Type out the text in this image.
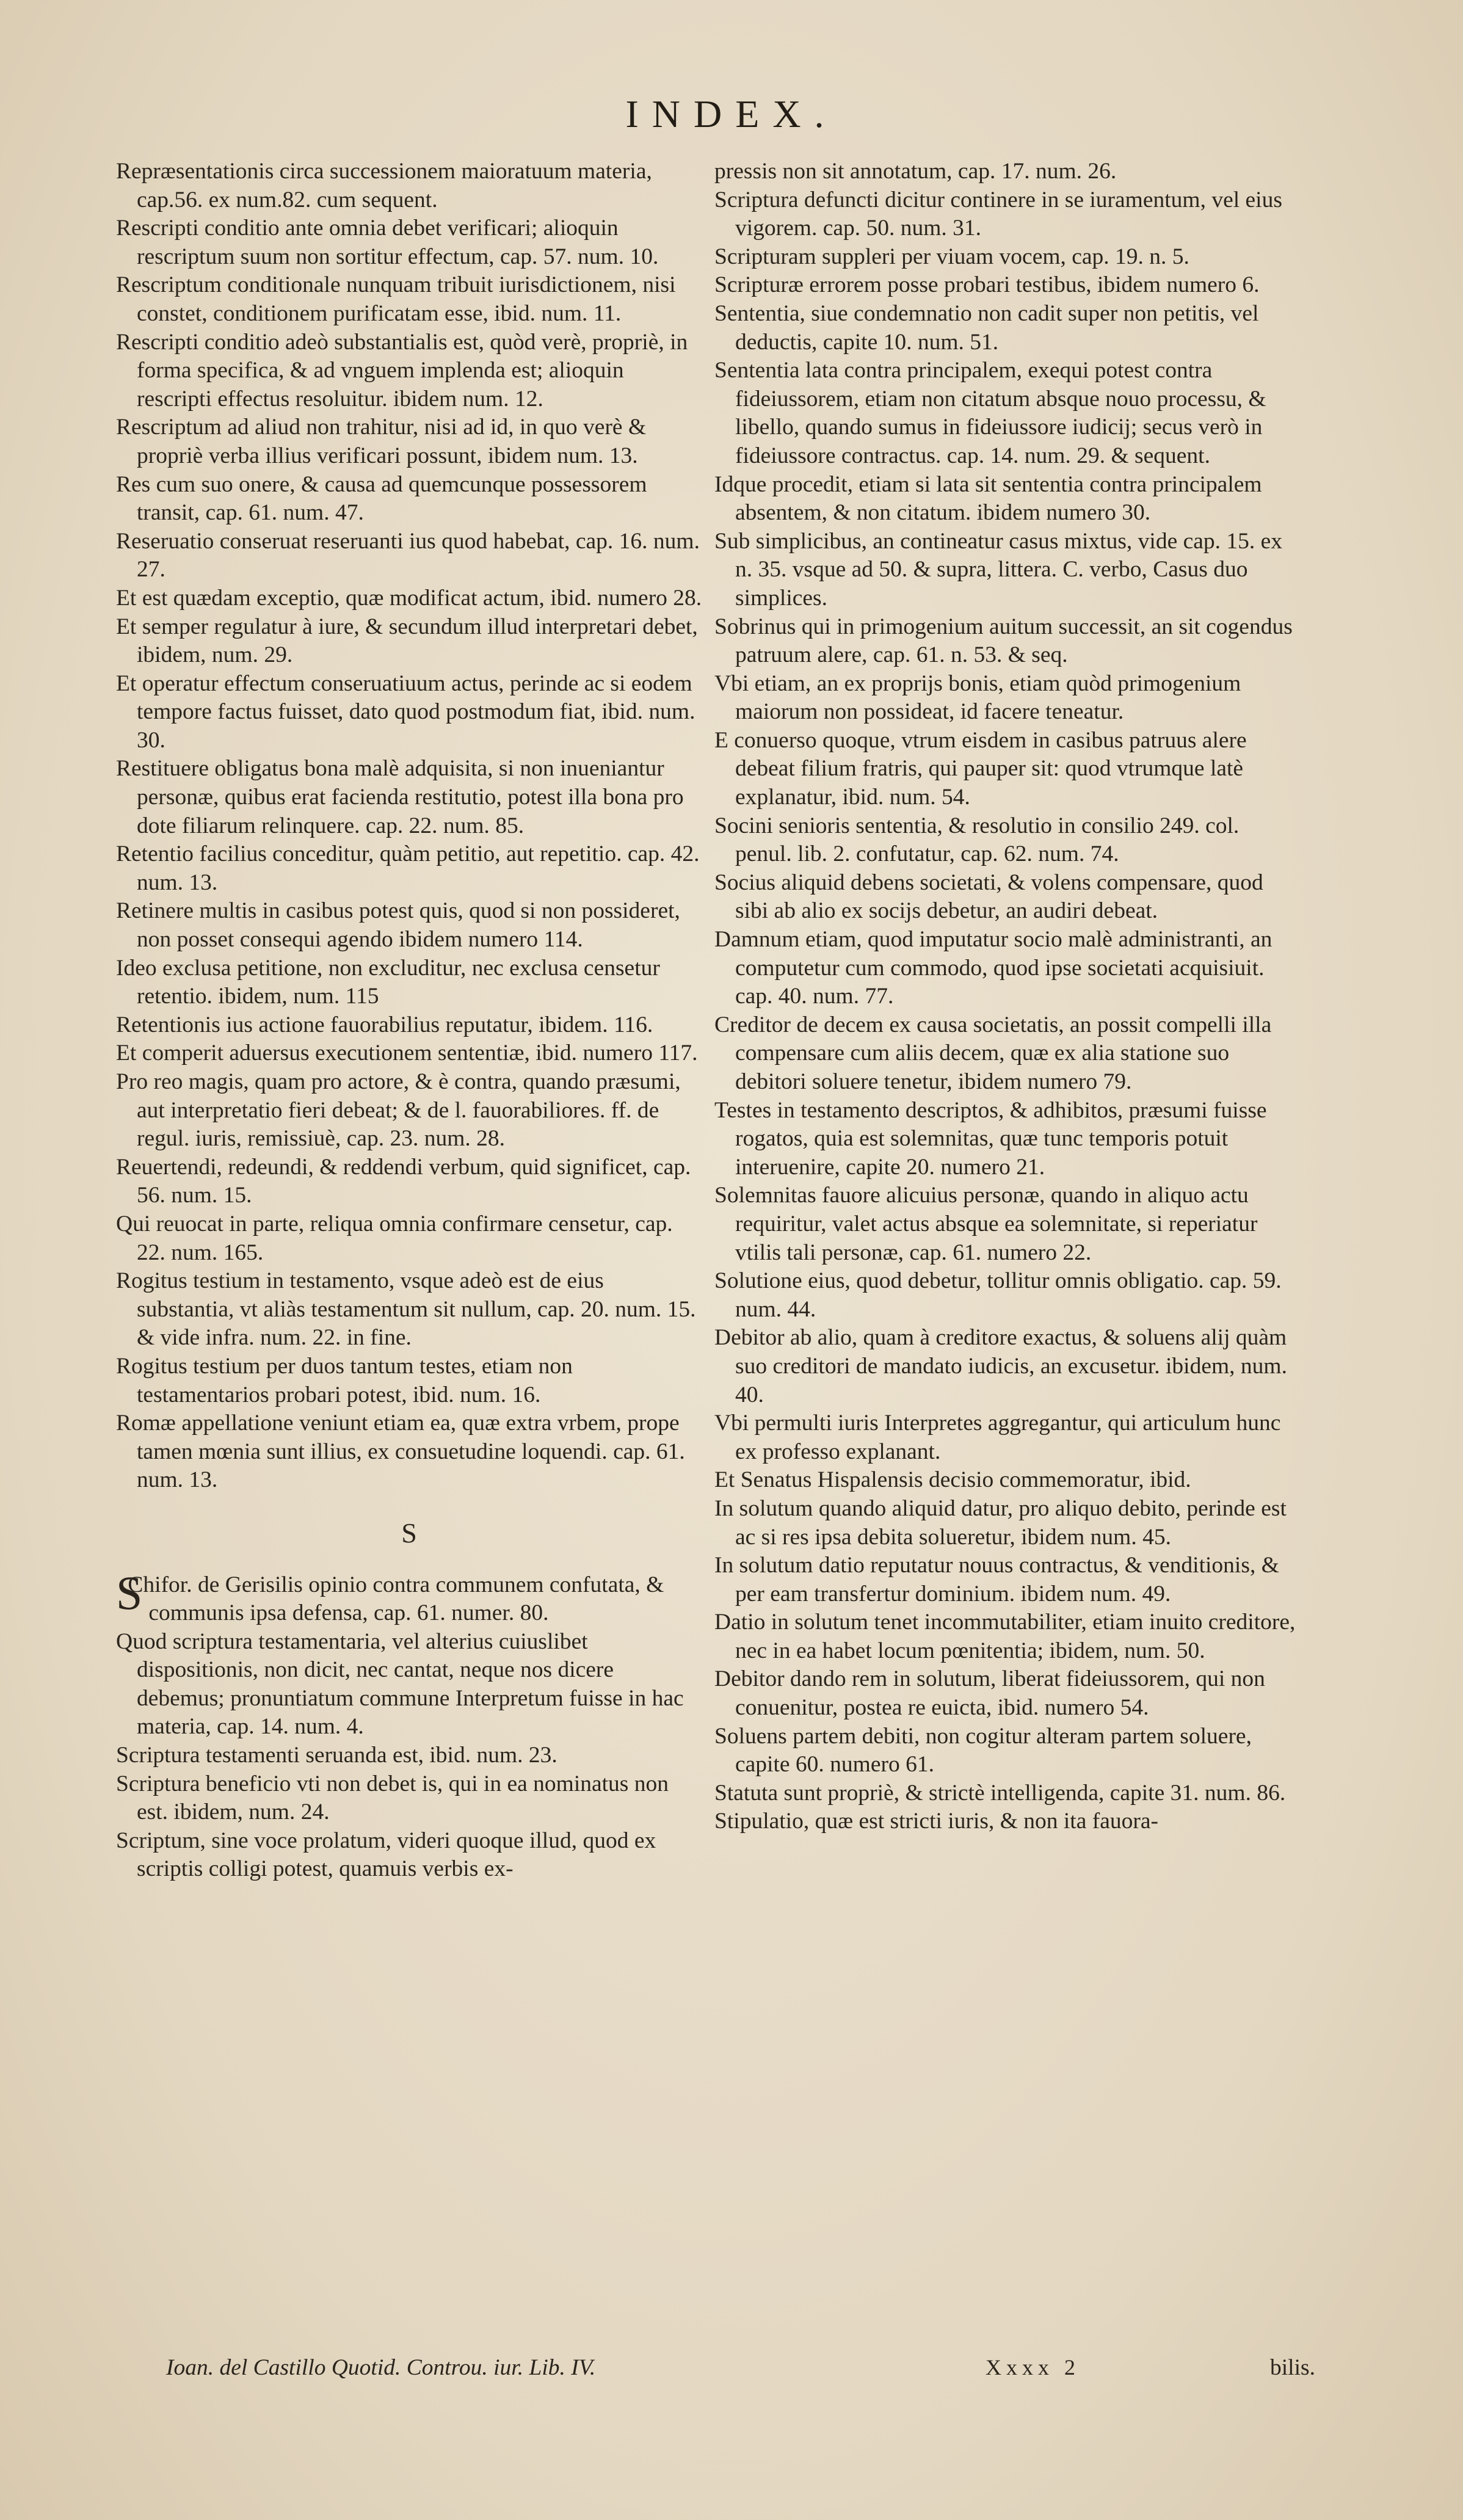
INDEX.

Repræsentationis circa successionem maioratuum materia, cap.56. ex num.82. cum sequent.

Rescripti conditio ante omnia debet verificari; alioquin rescriptum suum non sortitur effectum, cap. 57. num. 10.

Rescriptum conditionale nunquam tribuit iurisdictionem, nisi constet, conditionem purificatam esse, ibid. num. 11.

Rescripti conditio adeò substantialis est, quòd verè, propriè, in forma specifica, & ad vnguem implenda est; alioquin rescripti effectus resoluitur. ibidem num. 12.

Rescriptum ad aliud non trahitur, nisi ad id, in quo verè & propriè verba illius verificari possunt, ibidem num. 13.

Res cum suo onere, & causa ad quemcunque possessorem transit, cap. 61. num. 47.

Reseruatio conseruat reseruanti ius quod habebat, cap. 16. num. 27.

Et est quædam exceptio, quæ modificat actum, ibid. numero 28.

Et semper regulatur à iure, & secundum illud interpretari debet, ibidem, num. 29.

Et operatur effectum conseruatiuum actus, perinde ac si eodem tempore factus fuisset, dato quod postmodum fiat, ibid. num. 30.

Restituere obligatus bona malè adquisita, si non inueniantur personæ, quibus erat facienda restitutio, potest illa bona pro dote filiarum relinquere. cap. 22. num. 85.

Retentio facilius conceditur, quàm petitio, aut repetitio. cap. 42. num. 13.

Retinere multis in casibus potest quis, quod si non possideret, non posset consequi agendo ibidem numero 114.

Ideo exclusa petitione, non excluditur, nec exclusa censetur retentio. ibidem, num. 115

Retentionis ius actione fauorabilius reputatur, ibidem. 116.

Et comperit aduersus executionem sententiæ, ibid. numero 117.

Pro reo magis, quam pro actore, & è contra, quando præsumi, aut interpretatio fieri debeat; & de l. fauorabiliores. ff. de regul. iuris, remissiuè, cap. 23. num. 28.

Reuertendi, redeundi, & reddendi verbum, quid significet, cap. 56. num. 15.

Qui reuocat in parte, reliqua omnia confirmare censetur, cap. 22. num. 165.

Rogitus testium in testamento, vsque adeò est de eius substantia, vt aliàs testamentum sit nullum, cap. 20. num. 15. & vide infra. num. 22. in fine.

Rogitus testium per duos tantum testes, etiam non testamentarios probari potest, ibid. num. 16.

Romæ appellatione veniunt etiam ea, quæ extra vrbem, prope tamen mœnia sunt illius, ex consuetudine loquendi. cap. 61. num. 13.

S

S
Chifor. de Gerisilis opinio contra communem confutata, & communis ipsa defensa, cap. 61. numer. 80.

Quod scriptura testamentaria, vel alterius cuiuslibet dispositionis, non dicit, nec cantat, neque nos dicere debemus; pronuntiatum commune Interpretum fuisse in hac materia, cap. 14. num. 4.

Scriptura testamenti seruanda est, ibid. num. 23.

Scriptura beneficio vti non debet is, qui in ea nominatus non est. ibidem, num. 24.

Scriptum, sine voce prolatum, videri quoque illud, quod ex scriptis colligi potest, quamuis verbis ex-

pressis non sit annotatum, cap. 17. num. 26.

Scriptura defuncti dicitur continere in se iuramentum, vel eius vigorem. cap. 50. num. 31.

Scripturam suppleri per viuam vocem, cap. 19. n. 5.

Scripturæ errorem posse probari testibus, ibidem numero 6.

Sententia, siue condemnatio non cadit super non petitis, vel deductis, capite 10. num. 51.

Sententia lata contra principalem, exequi potest contra fideiussorem, etiam non citatum absque nouo processu, & libello, quando sumus in fideiussore iudicij; secus verò in fideiussore contractus. cap. 14. num. 29. & sequent.

Idque procedit, etiam si lata sit sententia contra principalem absentem, & non citatum. ibidem numero 30.

Sub simplicibus, an contineatur casus mixtus, vide cap. 15. ex n. 35. vsque ad 50. & supra, littera. C. verbo, Casus duo simplices.

Sobrinus qui in primogenium auitum successit, an sit cogendus patruum alere, cap. 61. n. 53. & seq.

Vbi etiam, an ex proprijs bonis, etiam quòd primogenium maiorum non possideat, id facere teneatur.

E conuerso quoque, vtrum eisdem in casibus patruus alere debeat filium fratris, qui pauper sit: quod vtrumque latè explanatur, ibid. num. 54.

Socini senioris sententia, & resolutio in consilio 249. col. penul. lib. 2. confutatur, cap. 62. num. 74.

Socius aliquid debens societati, & volens compensare, quod sibi ab alio ex socijs debetur, an audiri debeat.

Damnum etiam, quod imputatur socio malè administranti, an computetur cum commodo, quod ipse societati acquisiuit. cap. 40. num. 77.

Creditor de decem ex causa societatis, an possit compelli illa compensare cum aliis decem, quæ ex alia statione suo debitori soluere tenetur, ibidem numero 79.

Testes in testamento descriptos, & adhibitos, præsumi fuisse rogatos, quia est solemnitas, quæ tunc temporis potuit interuenire, capite 20. numero 21.

Solemnitas fauore alicuius personæ, quando in aliquo actu requiritur, valet actus absque ea solemnitate, si reperiatur vtilis tali personæ, cap. 61. numero 22.

Solutione eius, quod debetur, tollitur omnis obligatio. cap. 59. num. 44.

Debitor ab alio, quam à creditore exactus, & soluens alij quàm suo creditori de mandato iudicis, an excusetur. ibidem, num. 40.

Vbi permulti iuris Interpretes aggregantur, qui articulum hunc ex professo explanant.

Et Senatus Hispalensis decisio commemoratur, ibid.

In solutum quando aliquid datur, pro aliquo debito, perinde est ac si res ipsa debita solueretur, ibidem num. 45.

In solutum datio reputatur nouus contractus, & venditionis, & per eam transfertur dominium. ibidem num. 49.

Datio in solutum tenet incommutabiliter, etiam inuito creditore, nec in ea habet locum pœnitentia; ibidem, num. 50.

Debitor dando rem in solutum, liberat fideiussorem, qui non conuenitur, postea re euicta, ibid. numero 54.

Soluens partem debiti, non cogitur alteram partem soluere, capite 60. numero 61.

Statuta sunt propriè, & strictè intelligenda, capite 31. num. 86.

Stipulatio, quæ est stricti iuris, & non ita fauora-

Ioan. del Castillo Quotid. Controu. iur. Lib. IV.	Xxxx 2	bilis.
